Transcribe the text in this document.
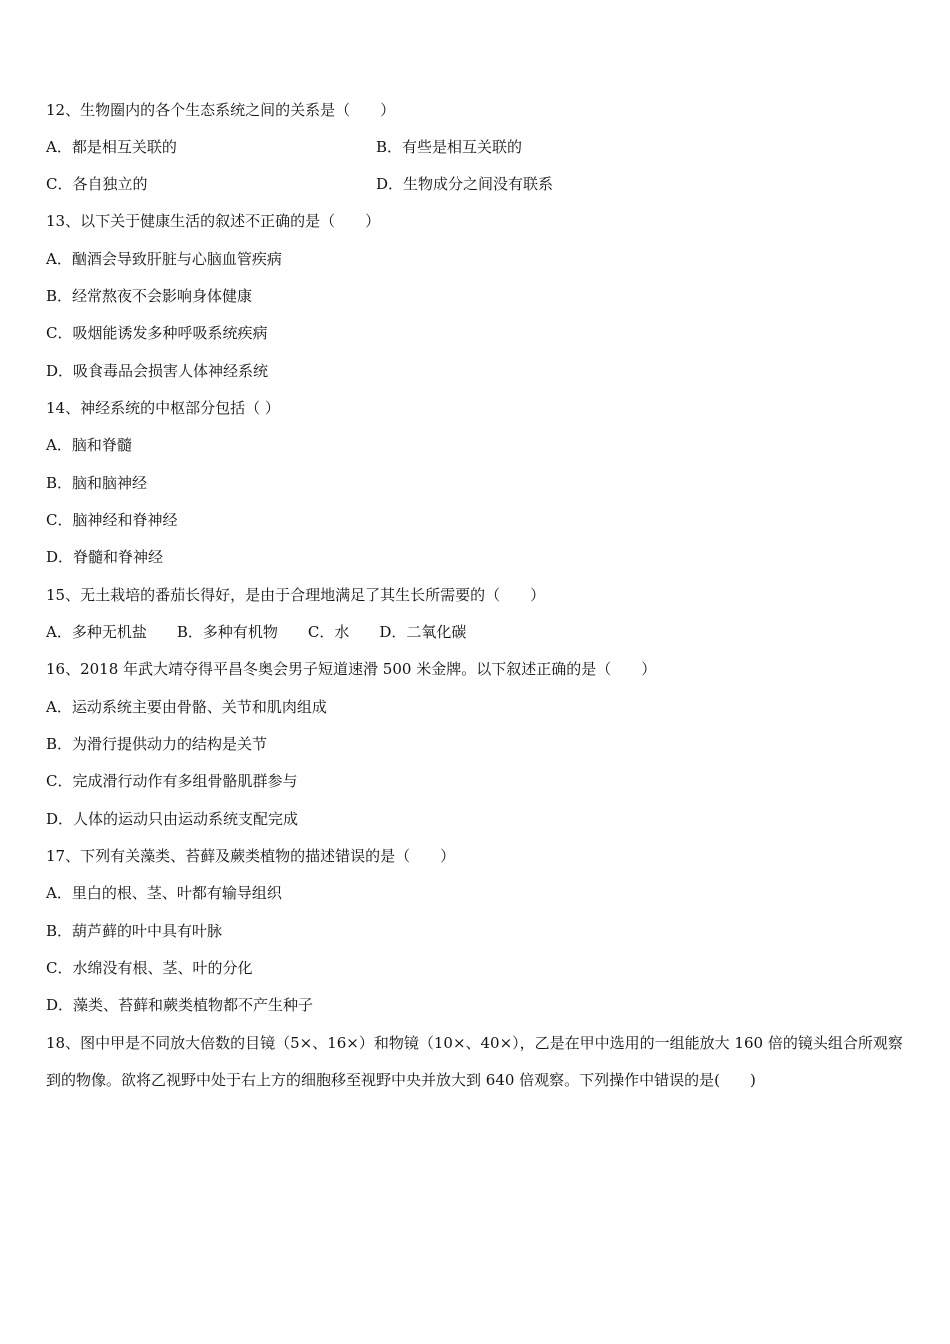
12、生物圈内的各个生态系统之间的关系是（　　）
A．都是相互关联的	B．有些是相互关联的
C．各自独立的	D．生物成分之间没有联系
13、以下关于健康生活的叙述不正确的是（　　）
A．酗酒会导致肝脏与心脑血管疾病
B．经常熬夜不会影响身体健康
C．吸烟能诱发多种呼吸系统疾病
D．吸食毒品会损害人体神经系统
14、神经系统的中枢部分包括（ ）
A．脑和脊髓
B．脑和脑神经
C．脑神经和脊神经
D．脊髓和脊神经
15、无土栽培的番茄长得好，是由于合理地满足了其生长所需要的（　　）
A．多种无机盐 B．多种有机物 C．水 D．二氧化碳
16、2018 年武大靖夺得平昌冬奥会男子短道速滑 500 米金牌。以下叙述正确的是（　　）
A．运动系统主要由骨骼、关节和肌肉组成
B．为滑行提供动力的结构是关节
C．完成滑行动作有多组骨骼肌群参与
D．人体的运动只由运动系统支配完成
17、下列有关藻类、苔藓及蕨类植物的描述错误的是（　　）
A．里白的根、茎、叶都有输导组织
B．葫芦藓的叶中具有叶脉
C．水绵没有根、茎、叶的分化
D．藻类、苔藓和蕨类植物都不产生种子
18、图中甲是不同放大倍数的目镜（5×、16×）和物镜（10×、40×），乙是在甲中选用的一组能放大 160 倍的镜头组合所观察到的物像。欲将乙视野中处于右上方的细胞移至视野中央并放大到 640 倍观察。下列操作中错误的是(　　)
